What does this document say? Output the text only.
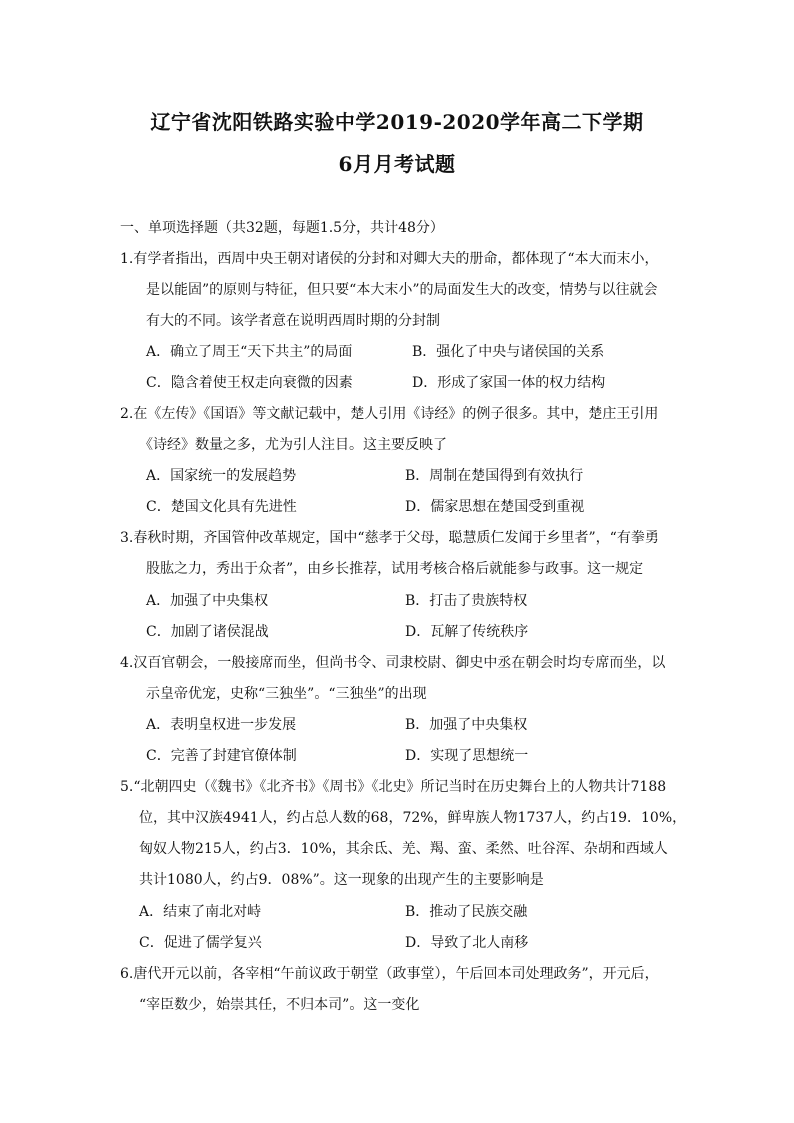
辽宁省沈阳铁路实验中学2019-2020学年高二下学期
6月月考试题
一、单项选择题（共32题，每题1.5分，共计48分）
1.有学者指出，西周中央王朝对诸侯的分封和对卿大夫的册命，都体现了“本大而末小，
是以能固”的原则与特征，但只要“本大末小”的局面发生大的改变，情势与以往就会
有大的不同。该学者意在说明西周时期的分封制
A．确立了周王“天下共主”的局面	B．强化了中央与诸侯国的关系
C．隐含着使王权走向衰微的因素	D．形成了家国一体的权力结构
2.在《左传》《国语》等文献记载中，楚人引用《诗经》的例子很多。其中，楚庄王引用
《诗经》数量之多，尤为引人注目。这主要反映了
A．国家统一的发展趋势	B．周制在楚国得到有效执行
C．楚国文化具有先进性	D．儒家思想在楚国受到重视
3.春秋时期，齐国管仲改革规定，国中“慈孝于父母，聪慧质仁发闻于乡里者”，“有拳勇
股肱之力，秀出于众者”，由乡长推荐，试用考核合格后就能参与政事。这一规定
A．加强了中央集权	B．打击了贵族特权
C．加剧了诸侯混战	D．瓦解了传统秩序
4.汉百官朝会，一般接席而坐，但尚书令、司隶校尉、御史中丞在朝会时均专席而坐，以
示皇帝优宠，史称“三独坐”。“三独坐”的出现
A．表明皇权进一步发展	B．加强了中央集权
C．完善了封建官僚体制	D．实现了思想统一
5.“北朝四史（《魏书》《北齐书》《周书》《北史》所记当时在历史舞台上的人物共计7188
位，其中汉族4941人，约占总人数的68，72%，鲜卑族人物1737人，约占19．10%，
匈奴人物215人，约占3．10%，其余氐、羌、羯、蛮、柔然、吐谷浑、杂胡和西域人
共计1080人，约占9．08%”。这一现象的出现产生的主要影响是
A．结束了南北对峙	B．推动了民族交融
C．促进了儒学复兴	D．导致了北人南移
6.唐代开元以前，各宰相“午前议政于朝堂（政事堂），午后回本司处理政务”，开元后，
“宰臣数少，始崇其任，不归本司”。这一变化
